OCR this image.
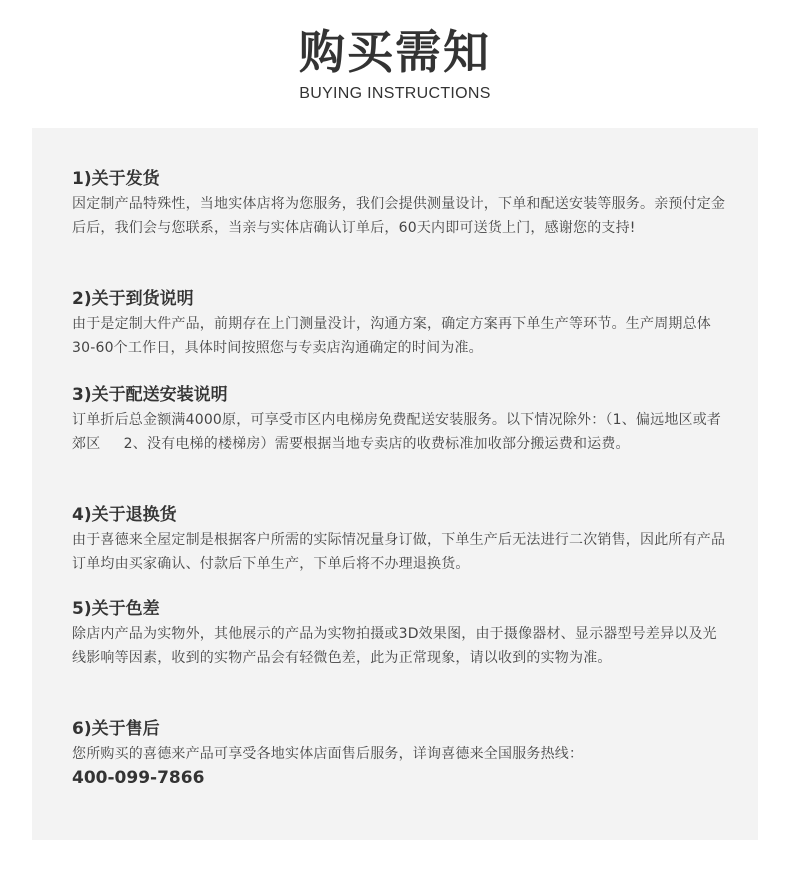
购买需知
BUYING INSTRUCTIONS
1)关于发货
因定制产品特殊性，当地实体店将为您服务，我们会提供测量设计，下单和配送安装等服务。亲预付定金后后，我们会与您联系，当亲与实体店确认订单后，60天内即可送货上门，感谢您的支持!
2)关于到货说明
由于是定制大件产品，前期存在上门测量没计，沟通方案，确定方案再下单生产等环节。生产周期总体30-60个工作日，具体时间按照您与专卖店沟通确定的时间为准。
3)关于配送安装说明
订单折后总金额满4000原，可享受市区内电梯房免费配送安装服务。以下情况除外：（1、偏远地区或者郊区     2、没有电梯的楼梯房）需要根据当地专卖店的收费标准加收部分搬运费和运费。
4)关于退换货
由于喜德来全屋定制是根据客户所需的实际情况量身订做，下单生产后无法进行二次销售，因此所有产品订单均由买家确认、付款后下单生产，下单后将不办理退换货。
5)关于色差
除店内产品为实物外，其他展示的产品为实物拍摄或3D效果图，由于摄像器材、显示器型号差异以及光线影响等因素，收到的实物产品会有轻微色差，此为正常现象，请以收到的实物为准。
6)关于售后
您所购买的喜德来产品可享受各地实体店面售后服务，详询喜德来全国服务热线：
400-099-7866
